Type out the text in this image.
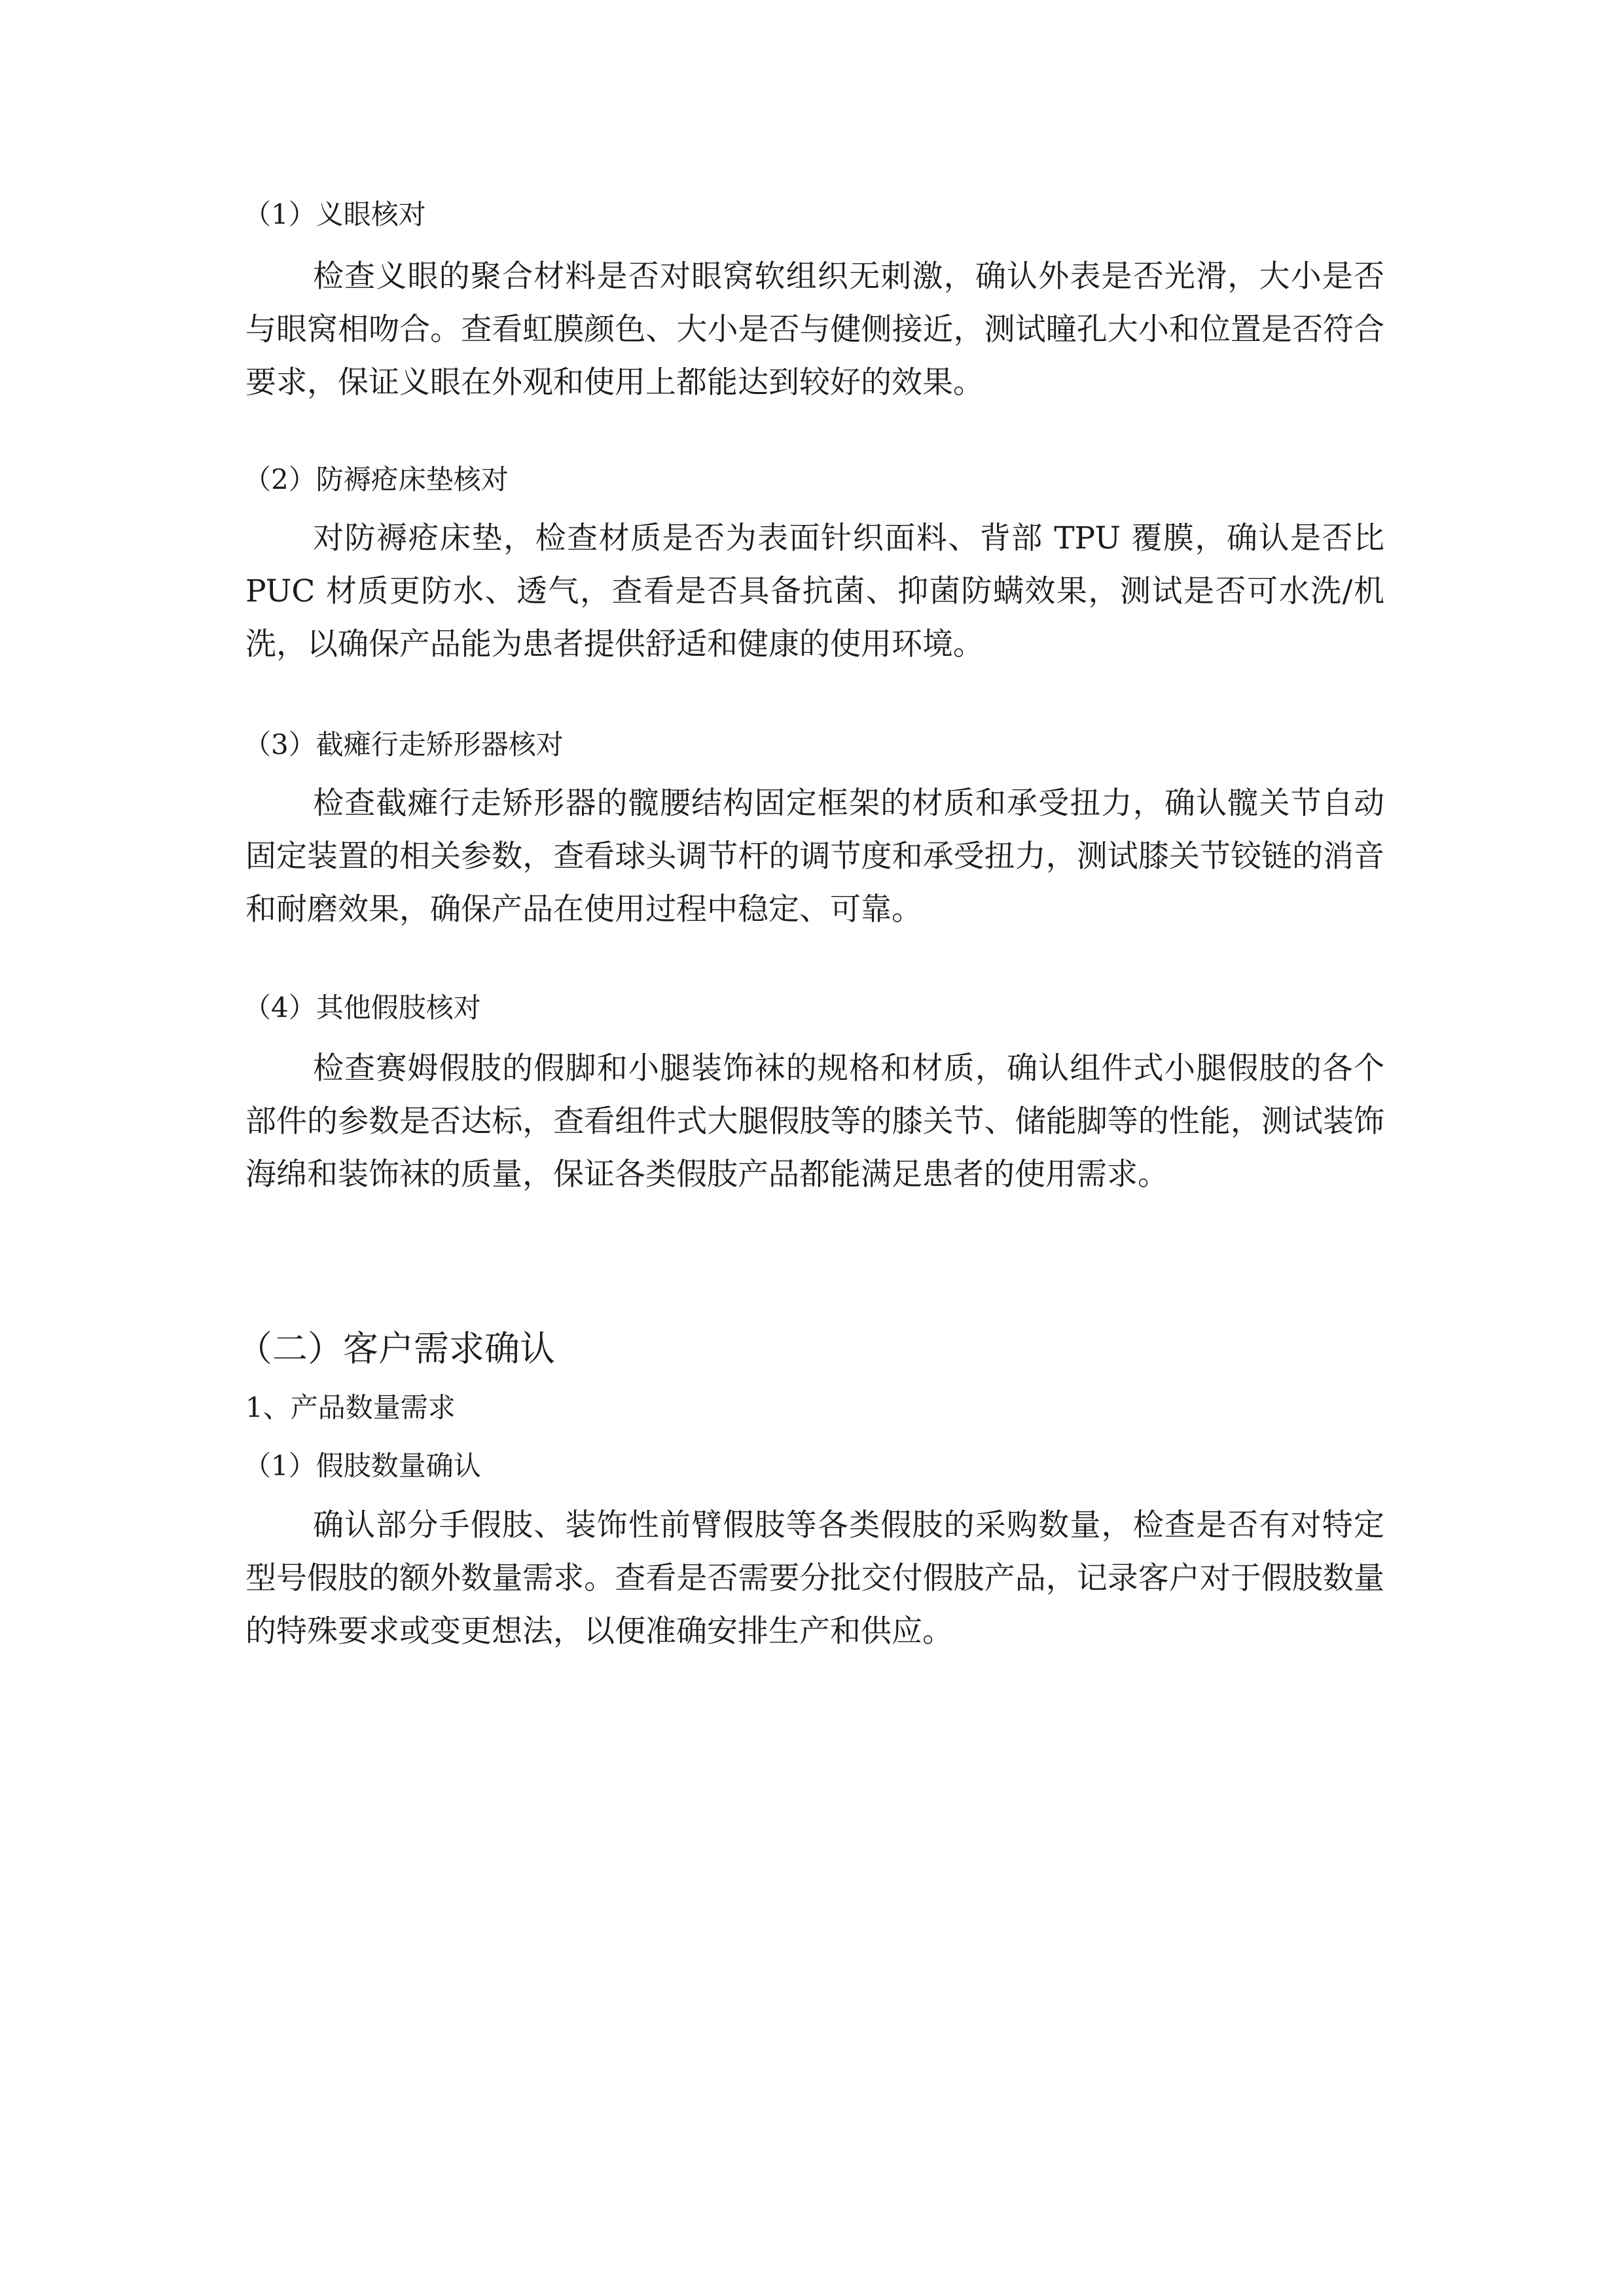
（1）义眼核对

检查义眼的聚合材料是否对眼窝软组织无刺激，确认外表是否光滑，大小是否与眼窝相吻合。查看虹膜颜色、大小是否与健侧接近，测试瞳孔大小和位置是否符合要求，保证义眼在外观和使用上都能达到较好的效果。

（2）防褥疮床垫核对

对防褥疮床垫，检查材质是否为表面针织面料、背部 TPU 覆膜，确认是否比 PUC 材质更防水、透气，查看是否具备抗菌、抑菌防螨效果，测试是否可水洗/机洗，以确保产品能为患者提供舒适和健康的使用环境。

（3）截瘫行走矫形器核对

检查截瘫行走矫形器的髋腰结构固定框架的材质和承受扭力，确认髋关节自动固定装置的相关参数，查看球头调节杆的调节度和承受扭力，测试膝关节铰链的消音和耐磨效果，确保产品在使用过程中稳定、可靠。

（4）其他假肢核对

检查赛姆假肢的假脚和小腿装饰袜的规格和材质，确认组件式小腿假肢的各个部件的参数是否达标，查看组件式大腿假肢等的膝关节、储能脚等的性能，测试装饰海绵和装饰袜的质量，保证各类假肢产品都能满足患者的使用需求。

（二）客户需求确认
1、产品数量需求
（1）假肢数量确认

确认部分手假肢、装饰性前臂假肢等各类假肢的采购数量，检查是否有对特定型号假肢的额外数量需求。查看是否需要分批交付假肢产品，记录客户对于假肢数量的特殊要求或变更想法，以便准确安排生产和供应。
